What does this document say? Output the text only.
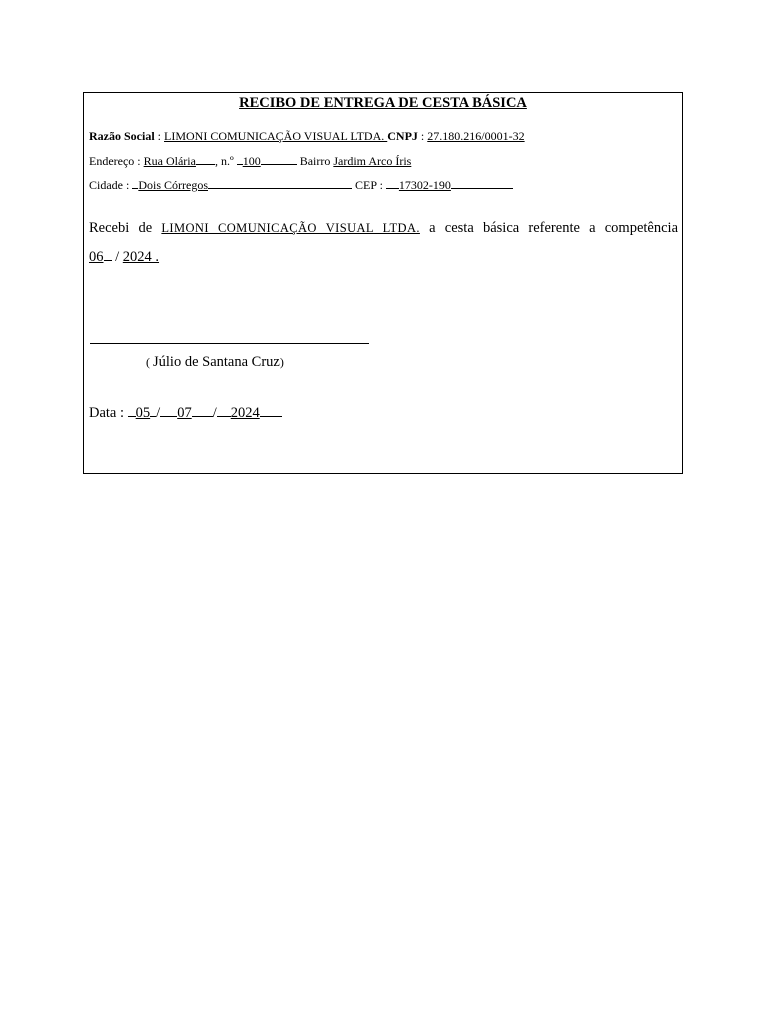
RECIBO DE ENTREGA DE CESTA BÁSICA
Razão Social : LIMONI COMUNICAÇÃO VISUAL LTDA. CNPJ : 27.180.216/0001-32
Endereço : Rua Olária , n.º 100	Bairro Jardim Arco Íris
Cidade : Dois Córregos	CEP : 17302-190
Recebi de LIMONI COMUNICAÇÃO VISUAL LTDA. a cesta básica referente a competência
06 / 2024 .
( Júlio de Santana Cruz)
Data : 05 / 07 / 2024
